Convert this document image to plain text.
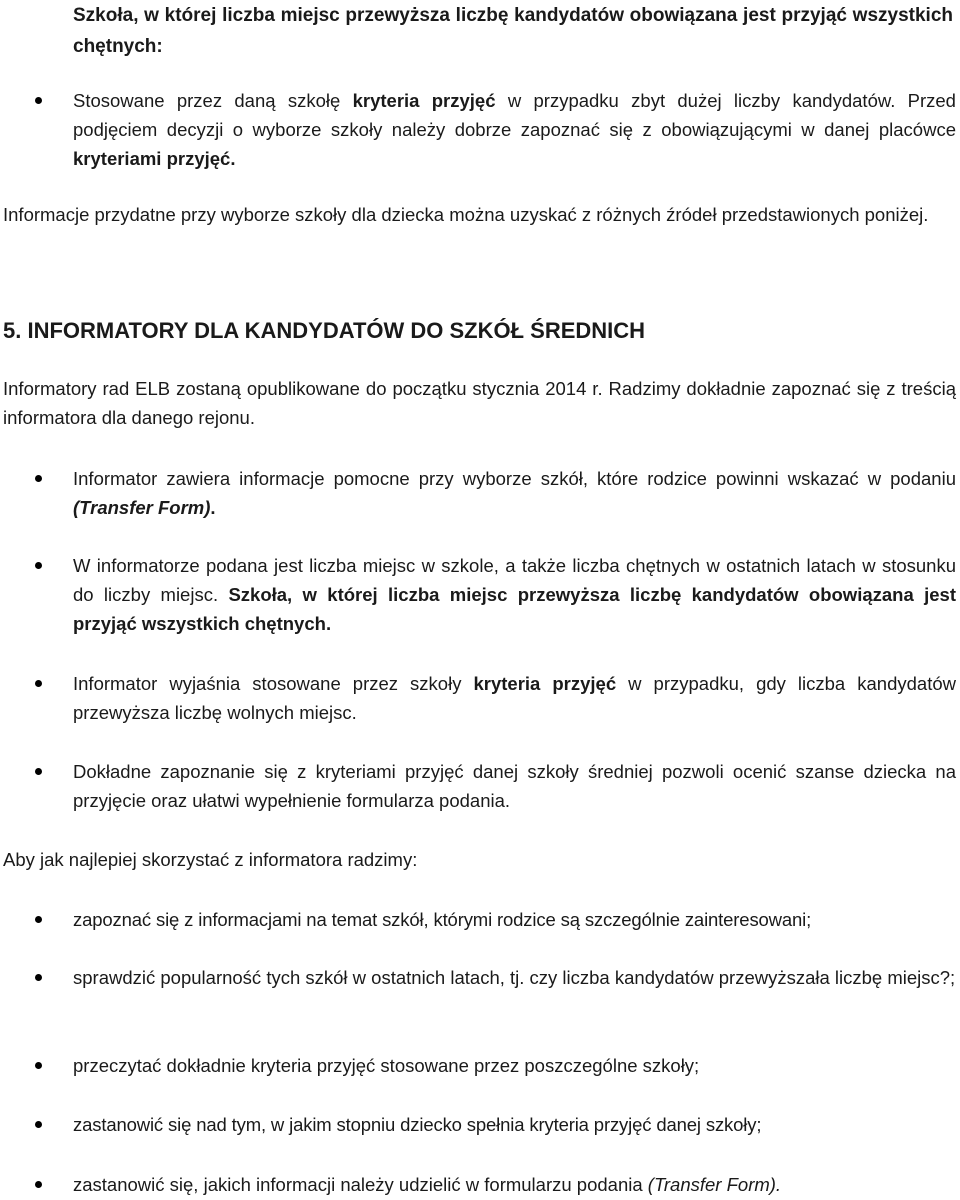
Szkoła, w której liczba miejsc przewyższa liczbę kandydatów obowiązana jest przyjąć wszystkich chętnych:

Stosowane przez daną szkołę kryteria przyjęć w przypadku zbyt dużej liczby kandydatów. Przed podjęciem decyzji o wyborze szkoły należy dobrze zapoznać się z obowiązującymi w danej placówce kryteriami przyjęć.

Informacje przydatne przy wyborze szkoły dla dziecka można uzyskać z różnych źródeł przedstawionych poniżej.

5. INFORMATORY DLA KANDYDATÓW DO SZKÓŁ ŚREDNICH

Informatory rad ELB zostaną opublikowane do początku stycznia 2014 r. Radzimy dokładnie zapoznać się z treścią informatora dla danego rejonu.

Informator zawiera informacje pomocne przy wyborze szkół, które rodzice powinni wskazać w podaniu (Transfer Form).

W informatorze podana jest liczba miejsc w szkole, a także liczba chętnych w ostatnich latach w stosunku do liczby miejsc. Szkoła, w której liczba miejsc przewyższa liczbę kandydatów obowiązana jest przyjąć wszystkich chętnych.

Informator wyjaśnia stosowane przez szkoły kryteria przyjęć w przypadku, gdy liczba kandydatów przewyższa liczbę wolnych miejsc.

Dokładne zapoznanie się z kryteriami przyjęć danej szkoły średniej pozwoli ocenić szanse dziecka na przyjęcie oraz ułatwi wypełnienie formularza podania.

Aby jak najlepiej skorzystać z informatora radzimy:

zapoznać się z informacjami na temat szkół, którymi rodzice są szczególnie zainteresowani;

sprawdzić popularność tych szkół w ostatnich latach, tj. czy liczba kandydatów przewyższała liczbę miejsc?;

przeczytać dokładnie kryteria przyjęć stosowane przez poszczególne szkoły;

zastanowić się nad tym, w jakim stopniu dziecko spełnia kryteria przyjęć danej szkoły;

zastanowić się, jakich informacji należy udzielić w formularzu podania (Transfer Form).
